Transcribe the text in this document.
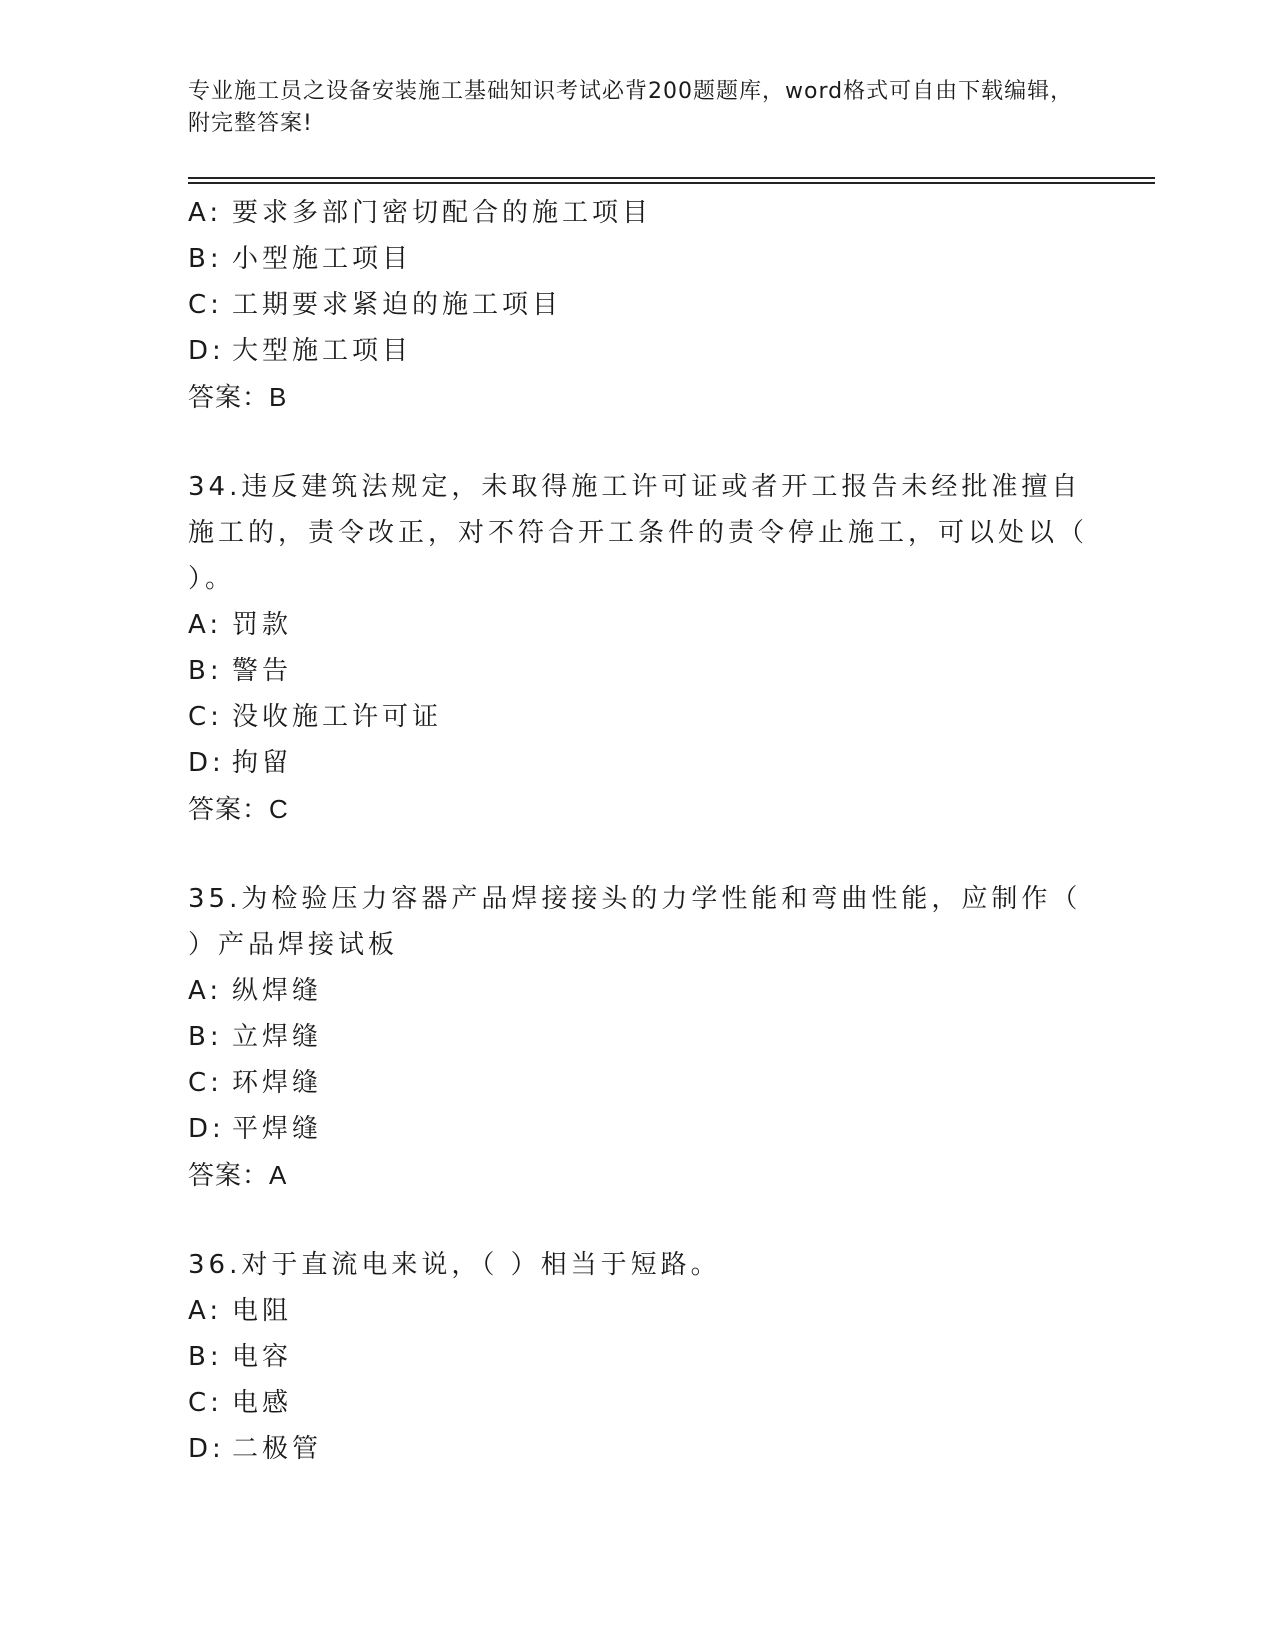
专业施工员之设备安装施工基础知识考试必背200题题库，word格式可自由下载编辑，附完整答案!
A: 要求多部门密切配合的施工项目
B: 小型施工项目
C: 工期要求紧迫的施工项目
D: 大型施工项目
答案：B
34.违反建筑法规定，未取得施工许可证或者开工报告未经批准擅自施工的，责令改正，对不符合开工条件的责令停止施工，可以处以（ ）。
A: 罚款
B: 警告
C: 没收施工许可证
D: 拘留
答案：C
35.为检验压力容器产品焊接接头的力学性能和弯曲性能，应制作（ ）产品焊接试板
A: 纵焊缝
B: 立焊缝
C: 环焊缝
D: 平焊缝
答案：A
36.对于直流电来说，（ ）相当于短路。
A: 电阻
B: 电容
C: 电感
D: 二极管
